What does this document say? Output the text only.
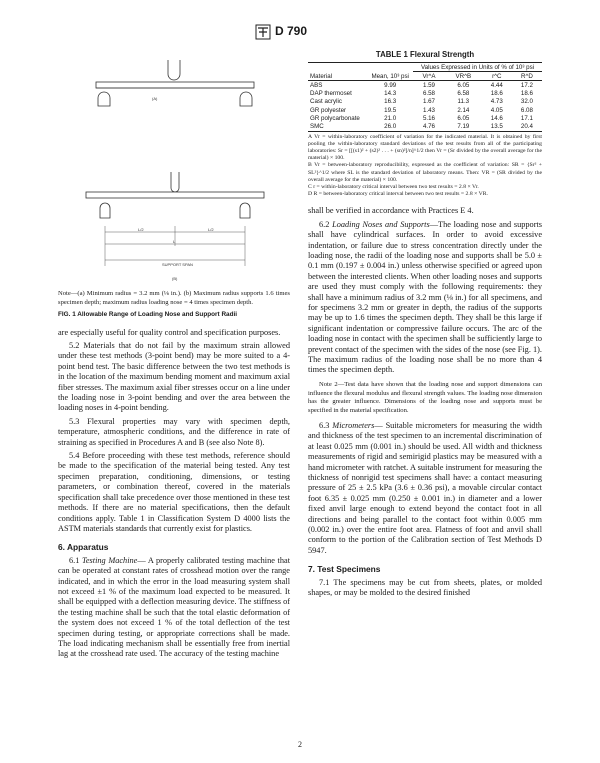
D 790
(A)
L/2	L/2
L
SUPPORT SPAN
(B)
Note—(a) Minimum radius = 3.2 mm (⅛ in.). (b) Maximum radius supports 1.6 times specimen depth; maximum radius loading nose = 4 times specimen depth.
FIG. 1 Allowable Range of Loading Nose and Support Radii

are especially useful for quality control and specification purposes.

5.2 Materials that do not fail by the maximum strain allowed under these test methods (3-point bend) may be more suited to a 4-point bend test. The basic difference between the two test methods is in the location of the maximum bending moment and maximum axial fiber stresses. The maximum axial fiber stresses occur on a line under the loading nose in 3-point bending and over the area between the loading noses in 4-point bending.

5.3 Flexural properties may vary with specimen depth, temperature, atmospheric conditions, and the difference in rate of straining as specified in Procedures A and B (see also Note 8).

5.4 Before proceeding with these test methods, reference should be made to the specification of the material being tested. Any test specimen preparation, conditioning, dimensions, or testing parameters, or combination thereof, covered in the materials specification shall take precedence over those mentioned in these test methods. If there are no material specifications, then the default conditions apply. Table 1 in Classification System D 4000 lists the ASTM materials standards that currently exist for plastics.

6. Apparatus

6.1 Testing Machine— A properly calibrated testing machine that can be operated at constant rates of crosshead motion over the range indicated, and in which the error in the load measuring system shall not exceed ±1 % of the maximum load expected to be measured. It shall be equipped with a deflection measuring device. The stiffness of the testing machine shall be such that the total elastic deformation of the system does not exceed 1 % of the total deflection of the test specimen during testing, or appropriate corrections shall be made. The load indicating mechanism shall be essentially free from inertial lag at the crosshead rate used. The accuracy of the testing machine

TABLE 1 Flexural Strength
Material	Mean, 10³ psi	Values Expressed in Units of % of 10³ psi			
		Vr^A	VR^B	r^C	R^D
ABS	9.99	1.59	6.05	4.44	17.2
DAP thermoset	14.3	6.58	6.58	18.6	18.6
Cast acrylic	16.3	1.67	11.3	4.73	32.0
GR polyester	19.5	1.43	2.14	4.05	6.08
GR polycarbonate	21.0	5.16	6.05	14.6	17.1
SMC	26.0	4.76	7.19	13.5	20.4
A Vr = within-laboratory coefficient of variation for the indicated material. It is obtained by first pooling the within-laboratory standard deviations of the test results from all of the participating laboratories: Sr = [[(s1)² + (s2)² . . . + (sn)²]/n]^1/2 then Vr = (Sr divided by the overall average for the material) × 100.
B Vr = between-laboratory reproducibility, expressed as the coefficient of variation: SR = {Sr² + SL²}^1/2 where SL is the standard deviation of laboratory means. Then: VR = (SR divided by the overall average for the material) × 100.
C r = within-laboratory critical interval between two test results = 2.8 × Vr.
D R = between-laboratory critical interval between two test results = 2.8 × VR.

shall be verified in accordance with Practices E 4.

6.2 Loading Noses and Supports—The loading nose and supports shall have cylindrical surfaces. In order to avoid excessive indentation, or failure due to stress concentration directly under the loading nose, the radii of the loading nose and supports shall be 5.0 ± 0.1 mm (0.197 ± 0.004 in.) unless otherwise specified or agreed upon between the interested clients. When other loading noses and supports are used they must comply with the following requirements: they shall have a minimum radius of 3.2 mm (⅛ in.) for all specimens, and for specimens 3.2 mm or greater in depth, the radius of the supports may be up to 1.6 times the specimen depth. They shall be this large if significant indentation or compressive failure occurs. The arc of the loading nose in contact with the specimen shall be sufficiently large to prevent contact of the specimen with the sides of the nose (see Fig. 1). The maximum radius of the loading nose shall be no more than 4 times the specimen depth.

Note 2—Test data have shown that the loading nose and support dimensions can influence the flexural modulus and flexural strength values. The loading nose dimension has the greater influence. Dimensions of the loading nose and supports must be specified in the material specification.

6.3 Micrometers— Suitable micrometers for measuring the width and thickness of the test specimen to an incremental discrimination of at least 0.025 mm (0.001 in.) should be used. All width and thickness measurements of rigid and semirigid plastics may be measured with a hand micrometer with ratchet. A suitable instrument for measuring the thickness of nonrigid test specimens shall have: a contact measuring pressure of 25 ± 2.5 kPa (3.6 ± 0.36 psi), a movable circular contact foot 6.35 ± 0.025 mm (0.250 ± 0.001 in.) in diameter and a lower fixed anvil large enough to extend beyond the contact foot in all directions and being parallel to the contact foot within 0.005 mm (0.002 in.) over the entire foot area. Flatness of foot and anvil shall conform to the portion of the Calibration section of Test Methods D 5947.

7. Test Specimens

7.1 The specimens may be cut from sheets, plates, or molded shapes, or may be molded to the desired finished

2
